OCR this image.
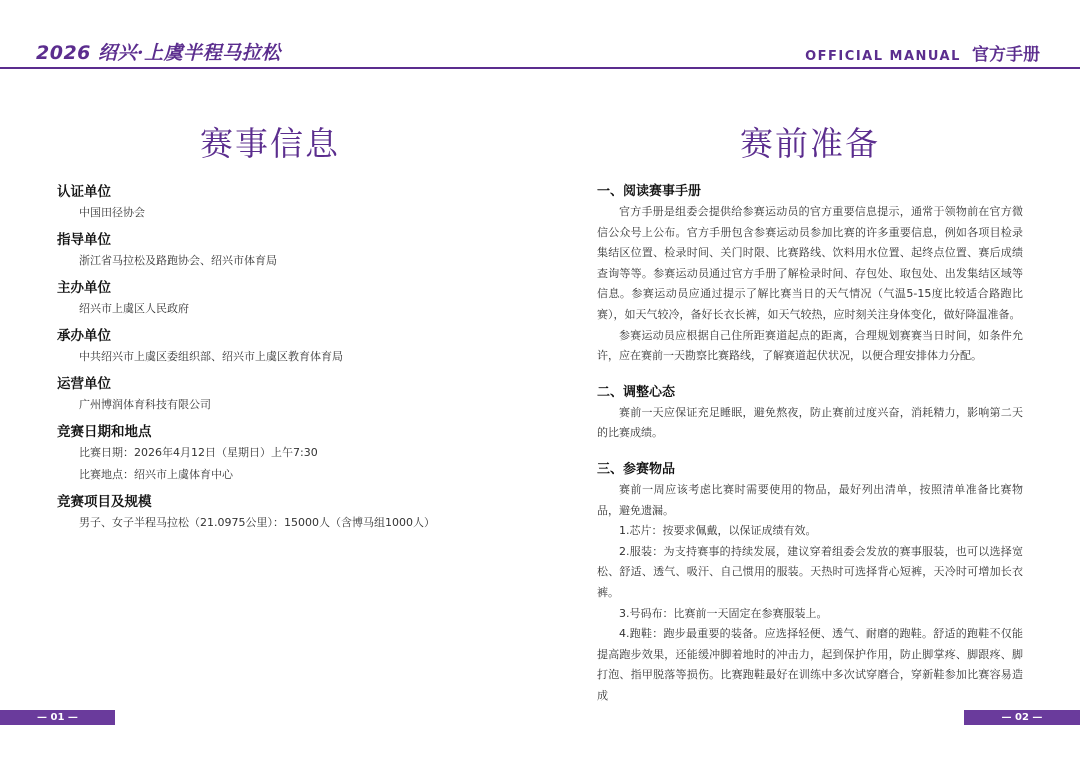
2026 绍兴·上虞半程马拉松	OFFICIAL MANUAL 官方手册
赛事信息	赛前准备
认证单位
中国田径协会
指导单位
浙江省马拉松及路跑协会、绍兴市体育局
主办单位
绍兴市上虞区人民政府
承办单位
中共绍兴市上虞区委组织部、绍兴市上虞区教育体育局
运营单位
广州博润体育科技有限公司
竞赛日期和地点
比赛日期：2026年4月12日（星期日）上午7:30
比赛地点：绍兴市上虞体育中心
竞赛项目及规模
男子、女子半程马拉松（21.0975公里）：15000人（含博马组1000人）

一、阅读赛事手册

官方手册是组委会提供给参赛运动员的官方重要信息提示，通常于领物前在官方微信公众号上公布。官方手册包含参赛运动员参加比赛的许多重要信息，例如各项目检录集结区位置、检录时间、关门时限、比赛路线、饮料用水位置、起终点位置、赛后成绩查询等等。参赛运动员通过官方手册了解检录时间、存包处、取包处、出发集结区域等信息。参赛运动员应通过提示了解比赛当日的天气情况（气温5-15度比较适合路跑比赛），如天气较冷，备好长衣长裤，如天气较热，应时刻关注身体变化，做好降温准备。

参赛运动员应根据自己住所距赛道起点的距离，合理规划赛赛当日时间，如条件允许，应在赛前一天勘察比赛路线，了解赛道起伏状况，以便合理安排体力分配。

二、调整心态

赛前一天应保证充足睡眠，避免熬夜，防止赛前过度兴奋，消耗精力，影响第二天的比赛成绩。

三、参赛物品

赛前一周应该考虑比赛时需要使用的物品，最好列出清单，按照清单准备比赛物品，避免遗漏。

1.芯片：按要求佩戴，以保证成绩有效。

2.服装：为支持赛事的持续发展，建议穿着组委会发放的赛事服装，也可以选择宽松、舒适、透气、吸汗、自己惯用的服装。天热时可选择背心短裤，天冷时可增加长衣裤。

3.号码布：比赛前一天固定在参赛服装上。

4.跑鞋：跑步最重要的装备。应选择轻便、透气、耐磨的跑鞋。舒适的跑鞋不仅能提高跑步效果，还能缓冲脚着地时的冲击力，起到保护作用，防止脚掌疼、脚跟疼、脚打泡、指甲脱落等损伤。比赛跑鞋最好在训练中多次试穿磨合，穿新鞋参加比赛容易造成

— 01 —	— 02 —
